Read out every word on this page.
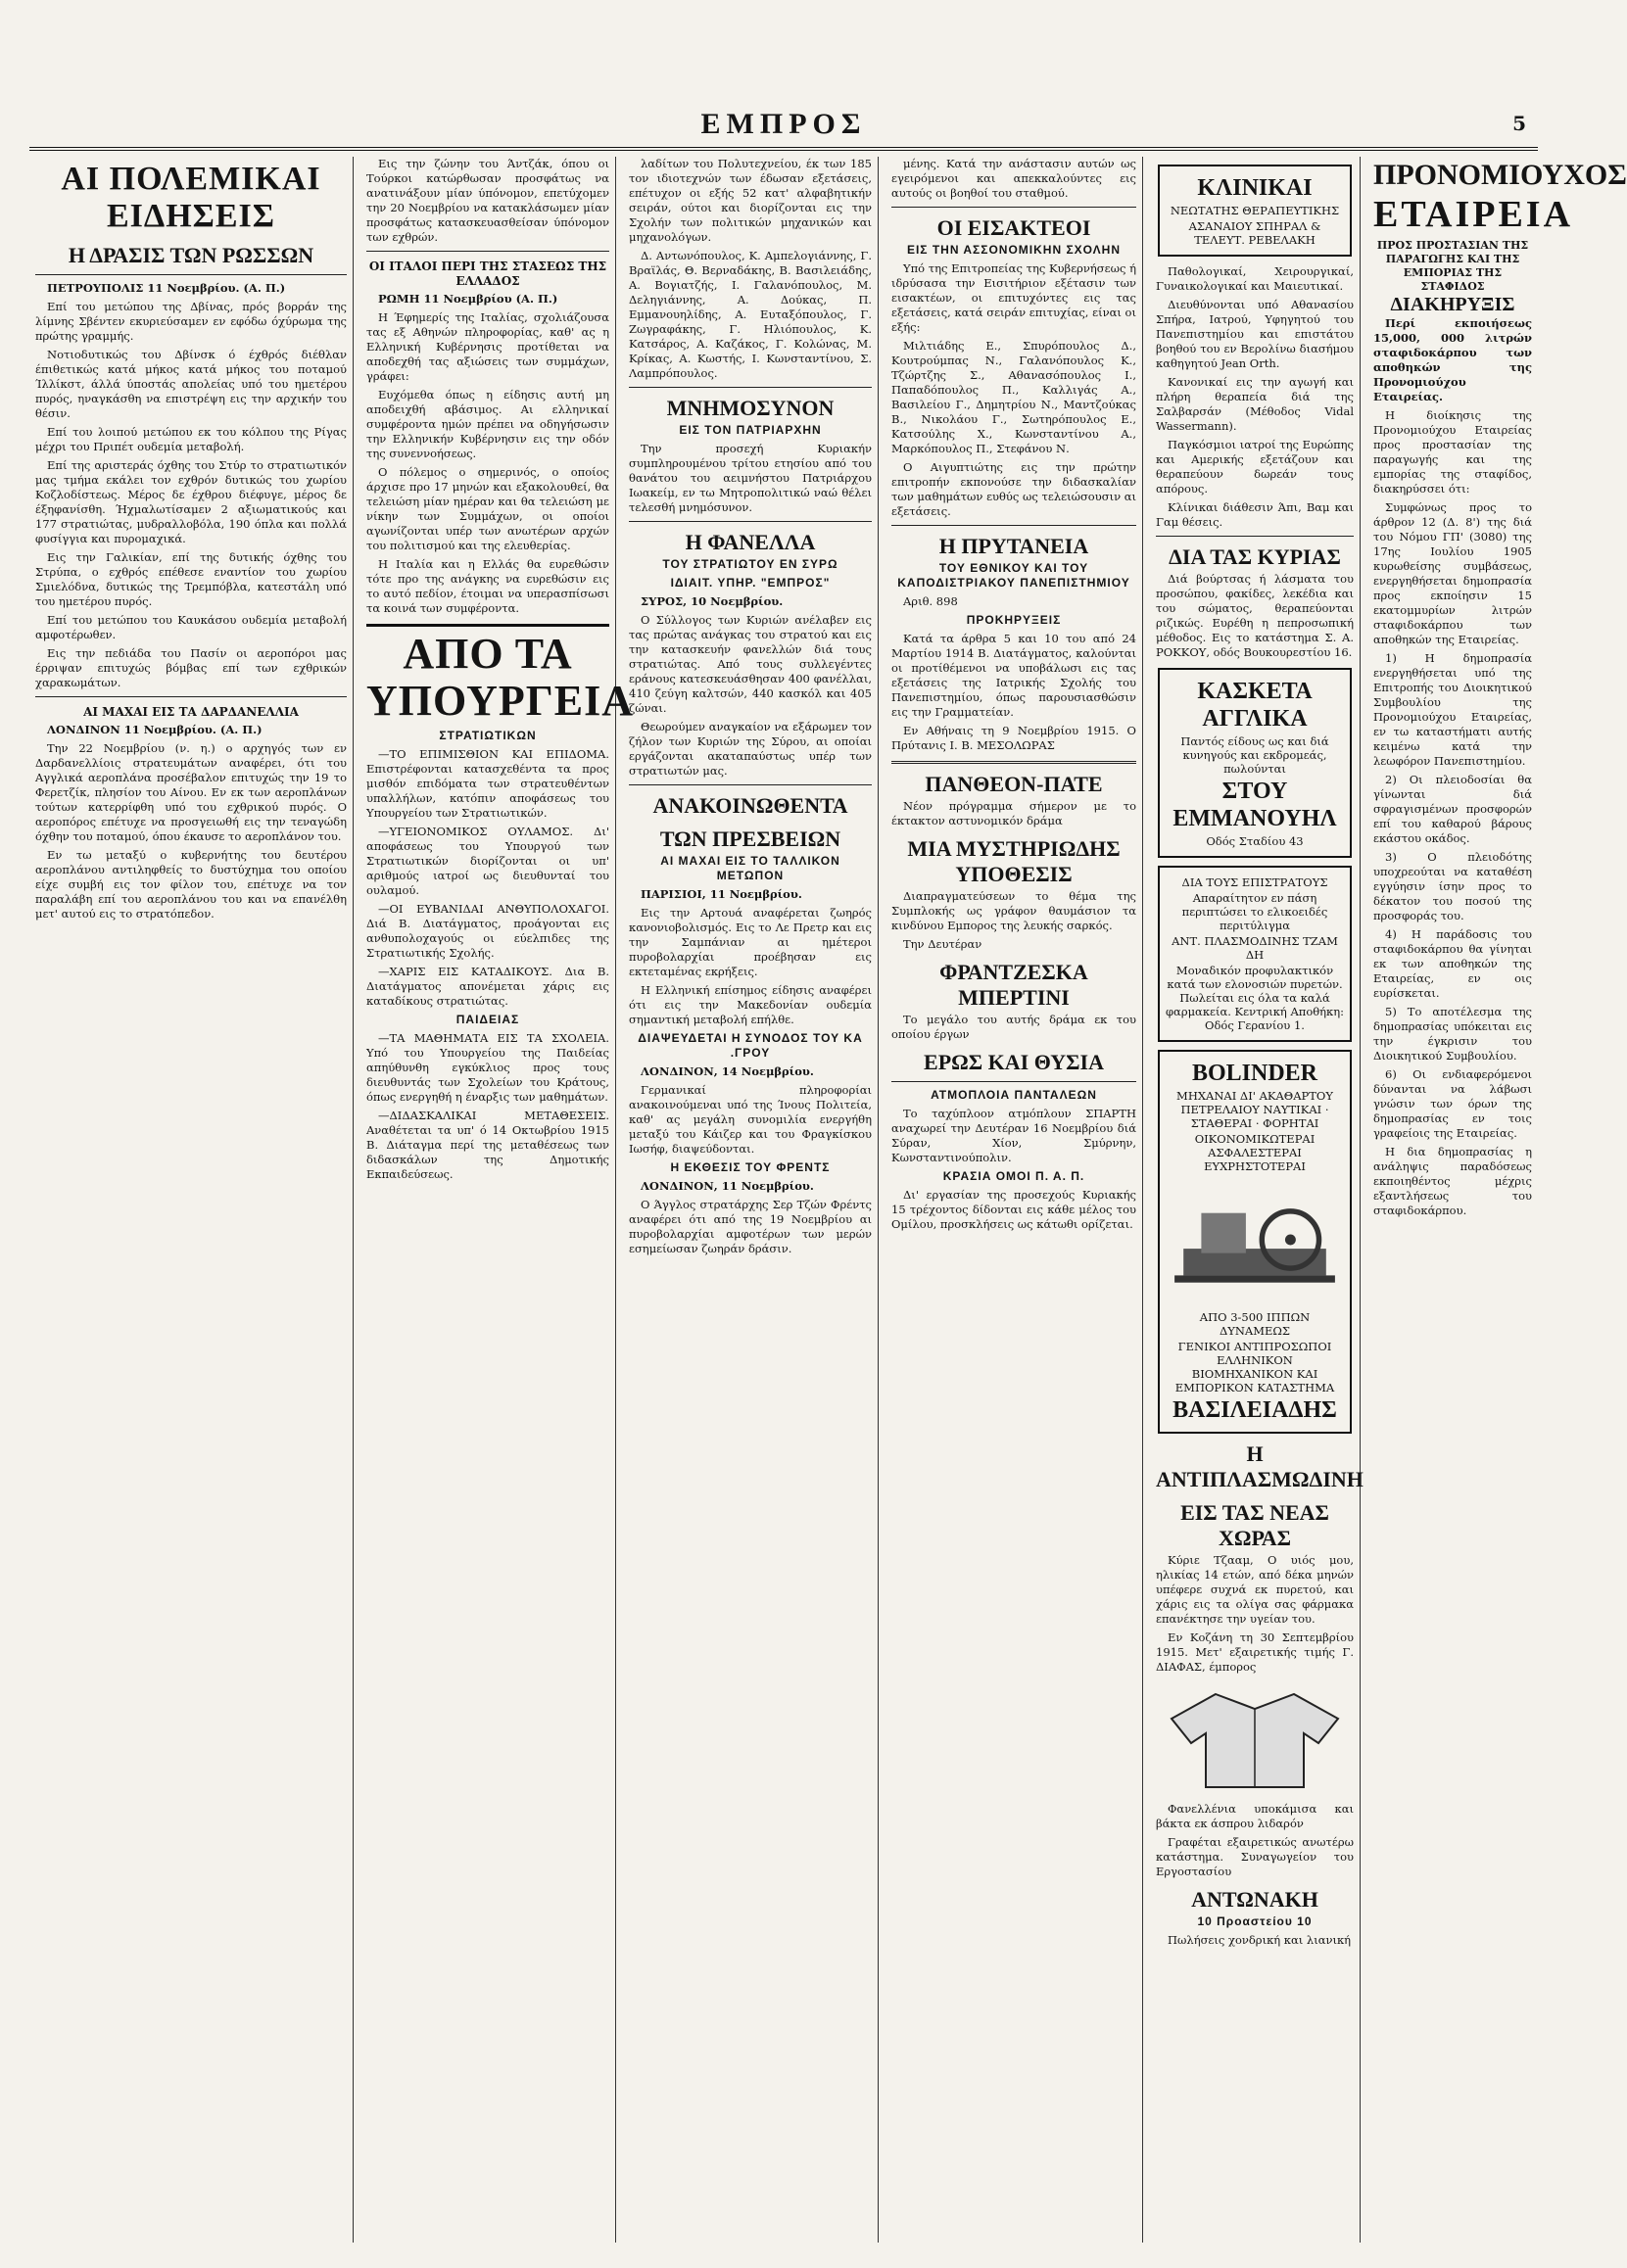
ΕΜΠΡΟΣ	5
ΑΙ ΠΟΛΕΜΙΚΑΙ ΕΙΔΗΣΕΙΣ
Η ΔΡΑΣΙΣ ΤΩΝ ΡΩΣΣΩΝ

ΠΕΤΡΟΥΠΟΛΙΣ 11 Νοεμβρίου. (Α. Π.)

Επί του μετώπου της Δβίνας, πρός βορράν της λίμνης Σβέντεν εκυριεύσαμεν εν εφόδω όχύρωμα της πρώτης γραμμής.

Νοτιοδυτικώς του Δβίνσκ ό έχθρός διέθλαν έπιθετικώς κατά μήκος κατά μήκος του ποταμού Ίλλίκστ, άλλά ύποστάς απολείας υπό του ημετέρου πυρός, ηναγκάσθη να επιστρέψη εις την αρχικήν του θέσιν.

Επί του λοιπού μετώπου εκ του κόλπου της Ρίγας μέχρι του Πριπέτ ουδεμία μεταβολή.

Επί της αριστεράς όχθης του Στύρ το στρατιωτικόν μας τμήμα εκάλει τον εχθρόν δυτικώς του χωρίου Κοζλοδίστεως. Μέρος δε έχθρου διέφυγε, μέρος δε έξηφανίσθη. Ήχμαλωτίσαμεν 2 αξιωματικούς και 177 στρατιώτας, μυδραλλοβόλα, 190 όπλα και πολλά φυσίγγια και πυρομαχικά.

Εις την Γαλικίαν, επί της δυτικής όχθης του Στρύπα, ο εχθρός επέθεσε εναντίον του χωρίου Σμιελόδνα, δυτικώς της Τρεμπόβλα, κατεστάλη υπό του ημετέρου πυρός.

Επί του μετώπου του Καυκάσου ουδεμία μεταβολή αμφοτέρωθεν.

Εις την πεδιάδα του Πασίν οι αεροπόροι μας έρριψαν επιτυχώς βόμβας επί των εχθρικών χαρακωμάτων.

ΑΙ ΜΑΧΑΙ ΕΙΣ ΤΑ ΔΑΡΔΑΝΕΛΛΙΑ

ΛΟΝΔΙΝΟΝ 11 Νοεμβρίου. (Α. Π.)

Την 22 Νοεμβρίου (ν. η.) ο αρχηγός των εν Δαρδανελλίοις στρατευμάτων αναφέρει, ότι του Αγγλικά αεροπλάνα προσέβαλον επιτυχώς την 19 το Φερετζίκ, πλησίον του Αίνου. Εν εκ των αεροπλάνων τούτων κατερρίφθη υπό του εχθρικού πυρός. Ο αεροπόρος επέτυχε να προσγειωθή εις την τεναγώδη όχθην του ποταμού, όπου έκαυσε το αεροπλάνον του.

Εν τω μεταξύ ο κυβερνήτης του δευτέρου αεροπλάνου αντιληφθείς το δυστύχημα του οποίου είχε συμβή εις τον φίλον του, επέτυχε να τον παραλάβη επί του αεροπλάνου του και να επανέλθη μετ' αυτού εις το στρατόπεδον.

Εις την ζώνην του Άντζάκ, όπου οι Τούρκοι κατώρθωσαν προσφάτως να ανατινάξουν μίαν ύπόνομον, επετύχομεν την 20 Νοεμβρίου να κατακλάσωμεν μίαν προσφάτως κατασκευασθείσαν ύπόνομον των εχθρών.

ΟΙ ΙΤΑΛΟΙ ΠΕΡΙ ΤΗΣ ΣΤΑΣΕΩΣ ΤΗΣ ΕΛΛΑΔΟΣ

ΡΩΜΗ 11 Νοεμβρίου (Α. Π.)

Η Έφημερίς της Ιταλίας, σχολιάζουσα τας εξ Αθηνών πληροφορίας, καθ' ας η Ελληνική Κυβέρνησις προτίθεται να αποδεχθή τας αξιώσεις των συμμάχων, γράφει:

Ευχόμεθα όπως η είδησις αυτή μη αποδειχθή αβάσιμος. Αι ελληνικαί συμφέροντα ημών πρέπει να οδηγήσωσιν την Ελληνικήν Κυβέρνησιν εις την οδόν της συνεννοήσεως.

Ο πόλεμος ο σημερινός, ο οποίος άρχισε προ 17 μηνών και εξακολουθεί, θα τελειώση μίαν ημέραν και θα τελειώση με νίκην των Συμμάχων, οι οποίοι αγωνίζονται υπέρ των ανωτέρων αρχών του πολιτισμού και της ελευθερίας.

Η Ιταλία και η Ελλάς θα ευρεθώσιν τότε προ της ανάγκης να ευρεθώσιν εις το αυτό πεδίον, έτοιμαι να υπερασπίσωσι τα κοινά των συμφέροντα.

ΑΠΟ ΤΑ ΥΠΟΥΡΓΕΙΑ
ΣΤΡΑΤΙΩΤΙΚΩΝ

—ΤΟ ΕΠΙΜΙΣΘΙΟΝ ΚΑΙ ΕΠΙΔΟΜΑ. Επιστρέφονται κατασχεθέντα τα προς μισθόν επιδόματα των στρατευθέντων υπαλλήλων, κατόπιν αποφάσεως του Υπουργείου των Στρατιωτικών.

—ΥΓΕΙΟΝΟΜΙΚΟΣ ΟΥΛΑΜΟΣ. Δι' αποφάσεως του Υπουργού των Στρατιωτικών διορίζονται οι υπ' αριθμούς ιατροί ως διευθυνταί του ουλαμού.

—ΟΙ ΕΥΒΑΝΙΔΑΙ ΑΝΘΥΠΟΛΟΧΑΓΟΙ. Διά Β. Διατάγματος, προάγονται εις ανθυπολοχαγούς οι εύελπιδες της Στρατιωτικής Σχολής.

—ΧΑΡΙΣ ΕΙΣ ΚΑΤΑΔΙΚΟΥΣ. Δια Β. Διατάγματος απονέμεται χάρις εις καταδίκους στρατιώτας.

ΠΑΙΔΕΙΑΣ

—ΤΑ ΜΑΘΗΜΑΤΑ ΕΙΣ ΤΑ ΣΧΟΛΕΙΑ. Υπό του Υπουργείου της Παιδείας απηύθυνθη εγκύκλιος προς τους διευθυντάς των Σχολείων του Κράτους, όπως ενεργηθή η έναρξις των μαθημάτων.

—ΔΙΔΑΣΚΑΛΙΚΑΙ ΜΕΤΑΘΕΣΕΙΣ. Αναθέτεται τα υπ' ό 14 Οκτωβρίου 1915 Β. Διάταγμα περί της μεταθέσεως των διδασκάλων της Δημοτικής Εκπαιδεύσεως.

λαδίτων του Πολυτεχνείου, έκ των 185 τον ιδιοτεχνών των έδωσαν εξετάσεις, επέτυχον οι εξής 52 κατ' αλφαβητικήν σειράν, ούτοι και διορίζονται εις την Σχολήν των πολιτικών μηχανικών και μηχανολόγων.

Δ. Αντωνόπουλος, Κ. Αμπελογιάννης, Γ. Βραϊλάς, Θ. Βερναδάκης, Β. Βασιλειάδης, Α. Βογιατζής, Ι. Γαλανόπουλος, Μ. Δεληγιάννης, Α. Δούκας, Π. Εμμανουηλίδης, Α. Ευταξόπουλος, Γ. Ζωγραφάκης, Γ. Ηλιόπουλος, Κ. Κατσάρος, Α. Καζάκος, Γ. Κολώνας, Μ. Κρίκας, Α. Κωστής, Ι. Κωνσταντίνου, Σ. Λαμπρόπουλος.

ΜΝΗΜΟΣΥΝΟΝ
ΕΙΣ ΤΟΝ ΠΑΤΡΙΑΡΧΗΝ

Την προσεχή Κυριακήν συμπληρουμένου τρίτου ετησίου από του θανάτου του αειμνήστου Πατριάρχου Ιωακείμ, εν τω Μητροπολιτικώ ναώ θέλει τελεσθή μνημόσυνον.

Η ΦΑΝΕΛΛΑ
ΤΟΥ ΣΤΡΑΤΙΩΤΟΥ ΕΝ ΣΥΡΩ
ΙΔΙΑΙΤ. ΥΠΗΡ. "ΕΜΠΡΟΣ"

ΣΥΡΟΣ, 10 Νοεμβρίου.

Ο Σύλλογος των Κυριών ανέλαβεν εις τας πρώτας ανάγκας του στρατού και εις την κατασκευήν φανελλών διά τους στρατιώτας. Από τους συλλεγέντες εράνους κατεσκευάσθησαν 400 φανέλλαι, 410 ζεύγη καλτσών, 440 κασκόλ και 405 ζώναι.

Θεωρούμεν αναγκαίον να εξάρωμεν τον ζήλον των Κυριών της Σύρου, αι οποίαι εργάζονται ακαταπαύστως υπέρ των στρατιωτών μας.

ΑΝΑΚΟΙΝΩΘΕΝΤΑ
ΤΩΝ ΠΡΕΣΒΕΙΩΝ
ΑΙ ΜΑΧΑΙ ΕΙΣ ΤΟ ΤΑΛΛΙΚΟΝ ΜΕΤΩΠΟΝ

ΠΑΡΙΣΙΟΙ, 11 Νοεμβρίου.

Εις την Αρτουά αναφέρεται ζωηρός κανονιοβολισμός. Εις το Λε Πρετρ και εις την Σαμπάνιαν αι ημέτεροι πυροβολαρχίαι προέβησαν εις εκτεταμένας εκρήξεις.

Η Ελληνική επίσημος είδησις αναφέρει ότι εις την Μακεδονίαν ουδεμία σημαντική μεταβολή επήλθε.

ΔΙΑΨΕΥΔΕΤΑΙ Η ΣΥΝΟΔΟΣ ΤΟΥ ΚΑ .ΓΡΟΥ

ΛΟΝΔΙΝΟΝ, 14 Νοεμβρίου.

Γερμανικαί πληροφορίαι ανακοινούμεναι υπό της Ίνους Πολιτεία, καθ' ας μεγάλη συνομιλία ενεργήθη μεταξύ του Κάιζερ και του Φραγκίσκου Ιωσήφ, διαψεύδονται.

Η ΕΚΘΕΣΙΣ ΤΟΥ ΦΡΕΝΤΣ

ΛΟΝΔΙΝΟΝ, 11 Νοεμβρίου.

Ο Άγγλος στρατάρχης Σερ Τζών Φρέντς αναφέρει ότι από της 19 Νοεμβρίου αι πυροβολαρχίαι αμφοτέρων των μερών εσημείωσαν ζωηράν δράσιν.

μένης. Κατά την ανάστασιν αυτών ως εγειρόμενοι και απεκκαλούντες εις αυτούς οι βοηθοί του σταθμού.

ΟΙ ΕΙΣΑΚΤΕΟΙ
ΕΙΣ ΤΗΝ ΑΣΣΟΝΟΜΙΚΗΝ ΣΧΟΛΗΝ

Υπό της Επιτροπείας της Κυβερνήσεως ή ιδρύσασα την Εισιτήριον εξέτασιν των εισακτέων, οι επιτυχόντες εις τας εξετάσεις, κατά σειράν επιτυχίας, είναι οι εξής:

Μιλτιάδης Ε., Σπυρόπουλος Δ., Κουτρούμπας Ν., Γαλανόπουλος Κ., Τζώρτζης Σ., Αθανασόπουλος Ι., Παπαδόπουλος Π., Καλλιγάς Α., Βασιλείου Γ., Δημητρίου Ν., Μαντζούκας Β., Νικολάου Γ., Σωτηρόπουλος Ε., Κατσούλης Χ., Κωνσταντίνου Α., Μαρκόπουλος Π., Στεφάνου Ν.

Ο Αιγυπτιώτης εις την πρώτην επιτροπήν εκπονούσε την διδασκαλίαν των μαθημάτων ευθύς ως τελειώσουσιν αι εξετάσεις.

Η ΠΡΥΤΑΝΕΙΑ
ΤΟΥ ΕΘΝΙΚΟΥ ΚΑΙ ΤΟΥ ΚΑΠΟΔΙΣΤΡΙΑΚΟΥ ΠΑΝΕΠΙΣΤΗΜΙΟΥ

Αριθ. 898

ΠΡΟΚΗΡΥΞΕΙΣ

Κατά τα άρθρα 5 και 10 του από 24 Μαρτίου 1914 Β. Διατάγματος, καλούνται οι προτίθέμενοι να υποβάλωσι εις τας εξετάσεις της Ιατρικής Σχολής του Πανεπιστημίου, όπως παρουσιασθώσιν εις την Γραμματείαν.

Εν Αθήναις τη 9 Νοεμβρίου 1915. Ο Πρύτανις Ι. Β. ΜΕΣΟΛΩΡΑΣ

ΠΑΝΘΕΟΝ-ΠΑΤΕ

Νέον πρόγραμμα σήμερον με το έκτακτον αστυνομικόν δράμα

ΜΙΑ ΜΥΣΤΗΡΙΩΔΗΣ ΥΠΟΘΕΣΙΣ

Διαπραγματεύσεων το θέμα της Συμπλοκής ως γράφον θαυμάσιον τα κινδύνου Εμπορος της λευκής σαρκός.

Την Δευτέραν

ΦΡΑΝΤΖΕΣΚΑ ΜΠΕΡΤΙΝΙ

Το μεγάλο του αυτής δράμα εκ του οποίου έργων

ΕΡΩΣ ΚΑΙ ΘΥΣΙΑ
ΑΤΜΟΠΛΟΙΑ ΠΑΝΤΑΛΕΩΝ

Το ταχύπλοον ατμόπλουν ΣΠΑΡΤΗ αναχωρεί την Δευτέραν 16 Νοεμβρίου διά Σύραν, Χίον, Σμύρνην, Κωνσταντινούπολιν.

ΚΡΑΣΙΑ ΟΜΟΙ Π. Α. Π.

Δι' εργασίαν της προσεχούς Κυριακής 15 τρέχοντος δίδονται εις κάθε μέλος του Ομίλου, προσκλήσεις ως κάτωθι ορίζεται.

ΚΛΙΝΙΚΑΙ
ΝΕΩΤΑΤΗΣ ΘΕΡΑΠΕΥΤΙΚΗΣ
ΑΣΑΝΑΙΟΥ ΣΠΗΡΑΛ & ΤΕΛΕΥΤ. ΡΕΒΕΛΑΚΗ

Παθολογικαί, Χειρουργικαί, Γυναικολογικαί και Μαιευτικαί.

Διευθύνονται υπό Αθανασίου Σπήρα, Ιατρού, Υφηγητού του Πανεπιστημίου και επιστάτου βοηθού του εν Βερολίνω διασήμου καθηγητού Jean Orth.

Κανονικαί εις την αγωγή και πλήρη θεραπεία διά της Σαλβαρσάν (Μέθοδος Vidal Wassermann).

Παγκόσμιοι ιατροί της Ευρώπης και Αμερικής εξετάζουν και θεραπεύουν δωρεάν τους απόρους.

Κλίνικαι διάθεσιν Άπι, Βαμ και Γαμ θέσεις.

ΔΙΑ ΤΑΣ ΚΥΡΙΑΣ

Διά βούρτσας ή λάσματα του προσώπου, φακίδες, λεκέδια και του σώματος, θεραπεύονται ριζικώς. Ευρέθη η πεπροσωπική μέθοδος. Εις το κατάστημα Σ. Α. ΡΟΚΚΟΥ, οδός Βουκουρεστίου 16.

ΚΑΣΚΕΤΑ ΑΓΓΛΙΚΑ
Παντός είδους ως και διά κυνηγούς και εκδρομεάς, πωλούνται
ΣΤΟΥ ΕΜΜΑΝΟΥΗΛ
Οδός Σταδίου 43
ΔΙΑ ΤΟΥΣ ΕΠΙΣΤΡΑΤΟΥΣ
Απαραίτητον εν πάση περιπτώσει το ελικοειδές περιτύλιγμα
ΑΝΤ. ΠΛΑΣΜΟΔΙΝΗΣ ΤΖΑΜ ΔΗ
Μοναδικόν προφυλακτικόν κατά των ελονοσιών πυρετών. Πωλείται εις όλα τα καλά φαρμακεία. Κεντρική Αποθήκη: Οδός Γερανίου 1.
BOLINDER
ΜΗΧΑΝΑΙ ΔΙ' ΑΚΑΘΑΡΤΟΥ ΠΕΤΡΕΛΑΙΟΥ ΝΑΥΤΙΚΑΙ · ΣΤΑΘΕΡΑΙ · ΦΟΡΗΤΑΙ
ΟΙΚΟΝΟΜΙΚΩΤΕΡΑΙ ΑΣΦΑΛΕΣΤΕΡΑΙ ΕΥΧΡΗΣΤΟΤΕΡΑΙ
ΑΠΟ 3-500 ΙΠΠΩΝ ΔΥΝΑΜΕΩΣ
ΓΕΝΙΚΟΙ ΑΝΤΙΠΡΟΣΩΠΟΙ ΕΛΛΗΝΙΚΟΝ ΒΙΟΜΗΧΑΝΙΚΟΝ ΚΑΙ ΕΜΠΟΡΙΚΟΝ ΚΑΤΑΣΤΗΜΑ
ΒΑΣΙΛΕΙΑΔΗΣ
Η ΑΝΤΙΠΛΑΣΜΩΔΙΝΗ
ΕΙΣ ΤΑΣ ΝΕΑΣ ΧΩΡΑΣ

Κύριε Τζααμ, Ο υιός μου, ηλικίας 14 ετών, από δέκα μηνών υπέφερε συχνά εκ πυρετού, και χάρις εις τα ολίγα σας φάρμακα επανέκτησε την υγείαν του.

Εν Κοζάνη τη 30 Σεπτεμβρίου 1915. Μετ' εξαιρετικής τιμής Γ. ΔΙΑΦΑΣ, έμπορος

Φανελλένια υποκάμισα και βάκτα εκ άσπρου λιδαρόν

Γραφέται εξαιρετικώς ανωτέρω κατάστημα. Συναγωγείον του Εργοστασίου

ΑΝΤΩΝΑΚΗ
10 Προαστείου 10

Πωλήσεις χονδρική και λιανική

ΠΡΟΝΟΜΙΟΥΧΟΣ
ΕΤΑΙΡΕΙΑ
ΠΡΟΣ ΠΡΟΣΤΑΣΙΑΝ ΤΗΣ ΠΑΡΑΓΩΓΗΣ ΚΑΙ ΤΗΣ ΕΜΠΟΡΙΑΣ ΤΗΣ ΣΤΑΦΙΔΟΣ
ΔΙΑΚΗΡΥΞΙΣ

Περί εκποιήσεως 15,000, 000 λιτρών σταφιδοκάρπου των αποθηκών της Προνομιούχου Εταιρείας.

Η διοίκησις της Προνομιούχου Εταιρείας προς προστασίαν της παραγωγής και της εμπορίας της σταφίδος, διακηρύσσει ότι:

Συμφώνως προς το άρθρον 12 (Δ. 8') της διά του Νόμου ΓΠ' (3080) της 17ης Ιουλίου 1905 κυρωθείσης συμβάσεως, ενεργηθήσεται δημοπρασία προς εκποίησιν 15 εκατομμυρίων λιτρών σταφιδοκάρπου των αποθηκών της Εταιρείας.

1) Η δημοπρασία ενεργηθήσεται υπό της Επιτροπής του Διοικητικού Συμβουλίου της Προνομιούχου Εταιρείας, εν τω καταστήματι αυτής κειμένω κατά την λεωφόρον Πανεπιστημίου.

2) Οι πλειοδοσίαι θα γίνωνται διά σφραγισμένων προσφορών επί του καθαρού βάρους εκάστου οκάδος.

3) Ο πλειοδότης υποχρεούται να καταθέση εγγύησιν ίσην προς το δέκατον του ποσού της προσφοράς του.

4) Η παράδοσις του σταφιδοκάρπου θα γίνηται εκ των αποθηκών της Εταιρείας, εν οις ευρίσκεται.

5) Το αποτέλεσμα της δημοπρασίας υπόκειται εις την έγκρισιν του Διοικητικού Συμβουλίου.

6) Οι ενδιαφερόμενοι δύνανται να λάβωσι γνώσιν των όρων της δημοπρασίας εν τοις γραφείοις της Εταιρείας.

Η δια δημοπρασίας η ανάληψις παραδόσεως εκποιηθέντος μέχρις εξαντλήσεως του σταφιδοκάρπου.
